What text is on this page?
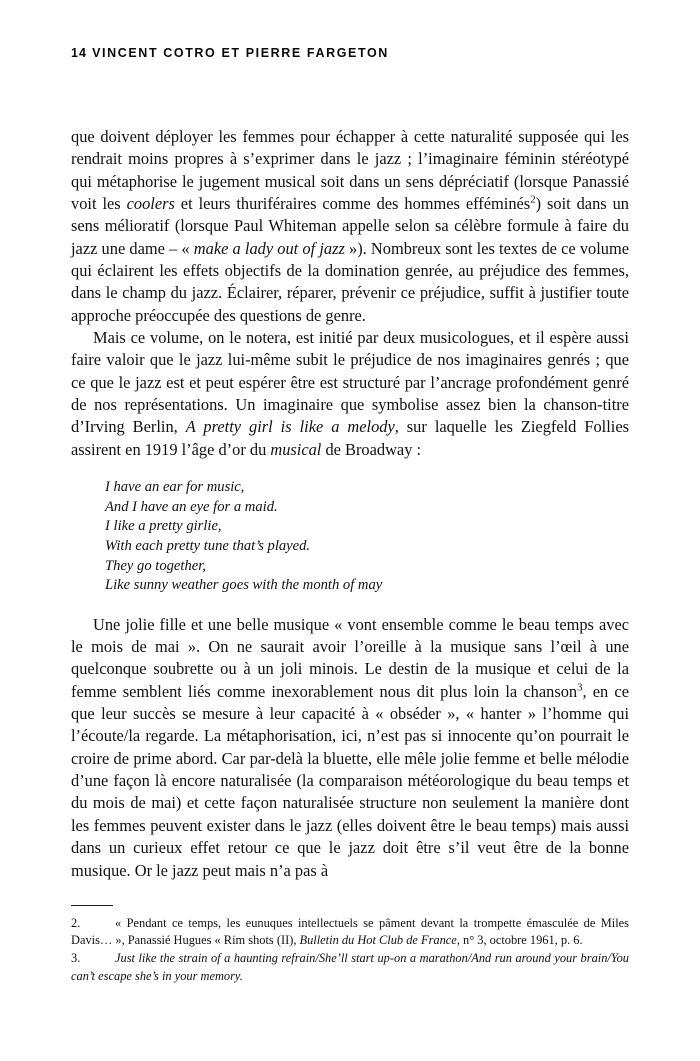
14 VINCENT COTRO ET PIERRE FARGETON

que doivent déployer les femmes pour échapper à cette naturalité supposée qui les rendrait moins propres à s’exprimer dans le jazz ; l’imaginaire féminin stéréotypé qui métaphorise le jugement musical soit dans un sens dépréciatif (lorsque Panassié voit les coolers et leurs thuriféraires comme des hommes efféminés$^2$) soit dans un sens mélioratif (lorsque Paul Whiteman appelle selon sa célèbre formule à faire du jazz une dame – « make a lady out of jazz »). Nombreux sont les textes de ce volume qui éclairent les effets objectifs de la domination genrée, au préjudice des femmes, dans le champ du jazz. Éclairer, réparer, prévenir ce préjudice, suffit à justifier toute approche préoccupée des questions de genre.

Mais ce volume, on le notera, est initié par deux musicologues, et il espère aussi faire valoir que le jazz lui-même subit le préjudice de nos imaginaires genrés ; que ce que le jazz est et peut espérer être est structuré par l’ancrage profondément genré de nos représentations. Un imaginaire que symbolise assez bien la chanson-titre d’Irving Berlin, A pretty girl is like a melody, sur laquelle les Ziegfeld Follies assirent en 1919 l’âge d’or du musical de Broadway :

I have an ear for music,
And I have an eye for a maid.
I like a pretty girlie,
With each pretty tune that’s played.
They go together,
Like sunny weather goes with the month of may

Une jolie fille et une belle musique « vont ensemble comme le beau temps avec le mois de mai ». On ne saurait avoir l’oreille à la musique sans l’œil à une quelconque soubrette ou à un joli minois. Le destin de la musique et celui de la femme semblent liés comme inexorablement nous dit plus loin la chanson$^3$, en ce que leur succès se mesure à leur capacité à « obséder », « hanter » l’homme qui l’écoute/la regarde. La métaphorisation, ici, n’est pas si innocente qu’on pourrait le croire de prime abord. Car par-delà la bluette, elle mêle jolie femme et belle mélodie d’une façon là encore naturalisée (la comparaison météorologique du beau temps et du mois de mai) et cette façon naturalisée structure non seulement la manière dont les femmes peuvent exister dans le jazz (elles doivent être le beau temps) mais aussi dans un curieux effet retour ce que le jazz doit être s’il veut être de la bonne musique. Or le jazz peut mais n’a pas à

2.	« Pendant ce temps, les eunuques intellectuels se pâment devant la trompette émasculée de Miles Davis… », Panassié Hugues « Rim shots (II), Bulletin du Hot Club de France, n° 3, octobre 1961, p. 6.

3.	Just like the strain of a haunting refrain/She’ll start up-on a marathon/And run around your brain/You can’t escape she’s in your memory.
